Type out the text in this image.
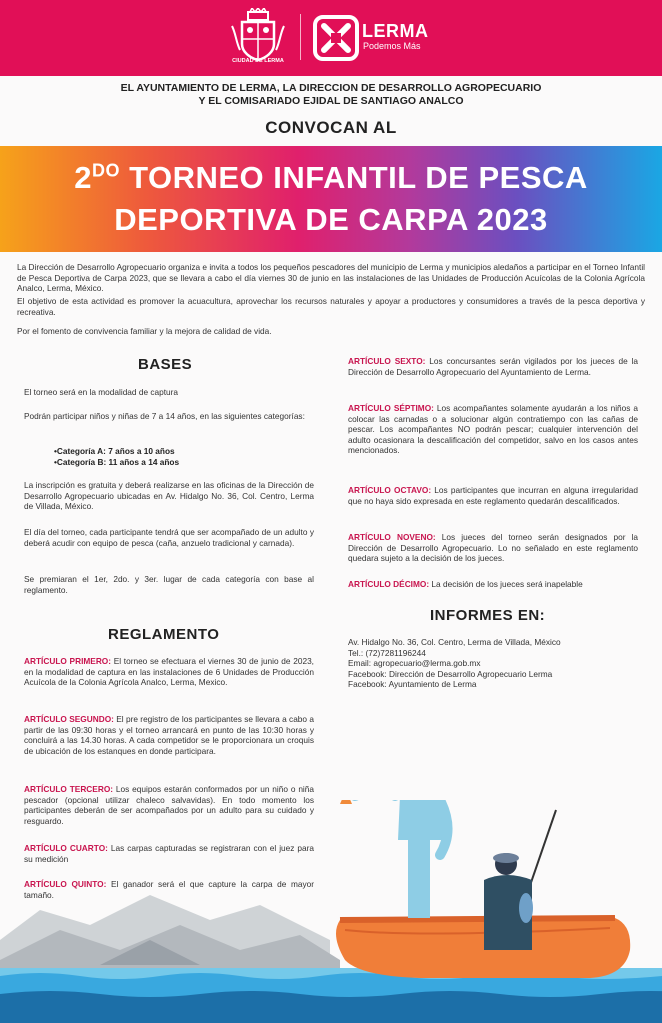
CIUDAD DE LERMA
LERMA
Podemos Más
EL AYUNTAMIENTO DE LERMA, LA DIRECCION DE DESARROLLO AGROPECUARIO
Y EL COMISARIADO EJIDAL DE SANTIAGO ANALCO
CONVOCAN AL
$2^{DO}$ TORNEO INFANTIL DE PESCA
DEPORTIVA DE CARPA 2023
La Dirección de Desarrollo Agropecuario organiza e invita a todos los pequeños pescadores del municipio de Lerma y municipios aledaños a participar en el Torneo Infantil de Pesca Deportiva de Carpa 2023, que se llevara a cabo el día viernes 30 de junio en las instalaciones de las Unidades de Producción Acuícolas de la Colonia Agrícola Analco, Lerma, México.
El objetivo de esta actividad es promover la acuacultura, aprovechar los recursos naturales y apoyar a productores y consumidores a través de la pesca deportiva y recreativa.
Por el fomento de convivencia familiar y la mejora de calidad de vida.
BASES
El torneo será en la modalidad de captura
Podrán participar niños y niñas de 7 a 14 años, en las siguientes categorías:
•Categoría A: 7 años a 10 años
•Categoría B: 11 años a 14 años
La inscripción es gratuita y deberá realizarse en las oficinas de la Dirección de Desarrollo Agropecuario ubicadas en Av. Hidalgo No. 36, Col. Centro, Lerma de Villada, México.
El día del torneo, cada participante tendrá que ser acompañado de un adulto y deberá acudir con equipo de pesca (caña, anzuelo tradicional y carnada).
Se premiaran el 1er, 2do. y 3er. lugar de cada categoría con base al reglamento.
REGLAMENTO
ARTÍCULO PRIMERO: El torneo se efectuara el viernes 30 de junio de 2023, en la modalidad de captura en las instalaciones de 6 Unidades de Producción Acuícola de la Colonia Agrícola Analco, Lerma, Mexico.
ARTÍCULO SEGUNDO: El pre registro de los participantes se llevara a cabo a partir de las 09:30 horas y el torneo arrancará en punto de las 10:30 horas y concluirá a las 14.30 horas. A cada competidor se le proporcionara un croquis de ubicación de los estanques en donde participara.
ARTÍCULO TERCERO: Los equipos estarán conformados por un niño o niña pescador (opcional utilizar chaleco salvavidas). En todo momento los participantes deberán de ser acompañados por un adulto para su cuidado y resguardo.
ARTÍCULO CUARTO: Las carpas capturadas se registraran con el juez para su medición
ARTÍCULO QUINTO: El ganador será el que capture la carpa de mayor tamaño.
ARTÍCULO SEXTO: Los concursantes serán vigilados por los jueces de la Dirección de Desarrollo Agropecuario del Ayuntamiento de Lerma.
ARTÍCULO SÉPTIMO: Los acompañantes solamente ayudarán a los niños a colocar las carnadas o a solucionar algún contratiempo con las cañas de pescar. Los acompañantes NO podrán pescar; cualquier intervención del adulto ocasionara la descalificación del competidor, salvo en los casos antes mencionados.
ARTÍCULO OCTAVO: Los participantes que incurran en alguna irregularidad que no haya sido expresada en este reglamento quedarán descalificados.
ARTÍCULO NOVENO: Los jueces del torneo serán designados por la Dirección de Desarrollo Agropecuario. Lo no señalado en este reglamento quedara sujeto a la decisión de los jueces.
ARTÍCULO DÉCIMO: La decisión de los jueces será inapelable
INFORMES EN:
Av. Hidalgo No. 36, Col. Centro, Lerma de Villada, México
Tel.: (72)7281196244
Email: agropecuario@lerma.gob.mx
Facebook: Dirección de Desarrollo Agropecuario Lerma
Facebook: Ayuntamiento de Lerma
